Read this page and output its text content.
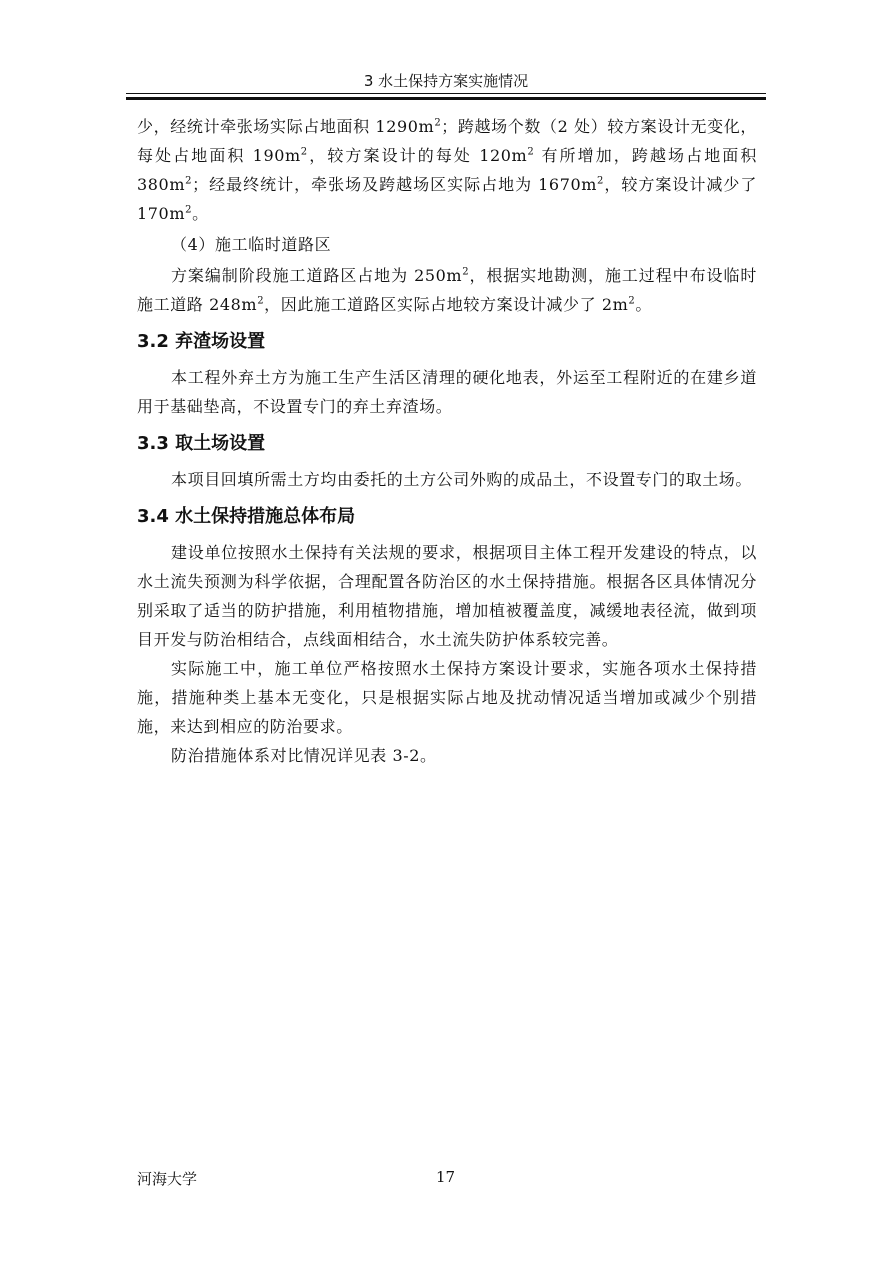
3 水土保持方案实施情况

少，经统计牵张场实际占地面积 $1290m^2$；跨越场个数（2 处）较方案设计无变化，每处占地面积 $190m^2$，较方案设计的每处 $120m^2$ 有所增加，跨越场占地面积 $380m^2$；经最终统计，牵张场及跨越场区实际占地为 $1670m^2$，较方案设计减少了 $170m^2$。

（4）施工临时道路区

方案编制阶段施工道路区占地为 $250m^2$，根据实地勘测，施工过程中布设临时施工道路 $248m^2$，因此施工道路区实际占地较方案设计减少了 $2m^2$。

3.2 弃渣场设置

本工程外弃土方为施工生产生活区清理的硬化地表，外运至工程附近的在建乡道用于基础垫高，不设置专门的弃土弃渣场。

3.3 取土场设置

本项目回填所需土方均由委托的土方公司外购的成品土，不设置专门的取土场。

3.4 水土保持措施总体布局

建设单位按照水土保持有关法规的要求，根据项目主体工程开发建设的特点，以水土流失预测为科学依据，合理配置各防治区的水土保持措施。根据各区具体情况分别采取了适当的防护措施，利用植物措施，增加植被覆盖度，减缓地表径流，做到项目开发与防治相结合，点线面相结合，水土流失防护体系较完善。

实际施工中，施工单位严格按照水土保持方案设计要求，实施各项水土保持措施，措施种类上基本无变化，只是根据实际占地及扰动情况适当增加或减少个别措施，来达到相应的防治要求。

防治措施体系对比情况详见表 3-2。

河海大学	17
